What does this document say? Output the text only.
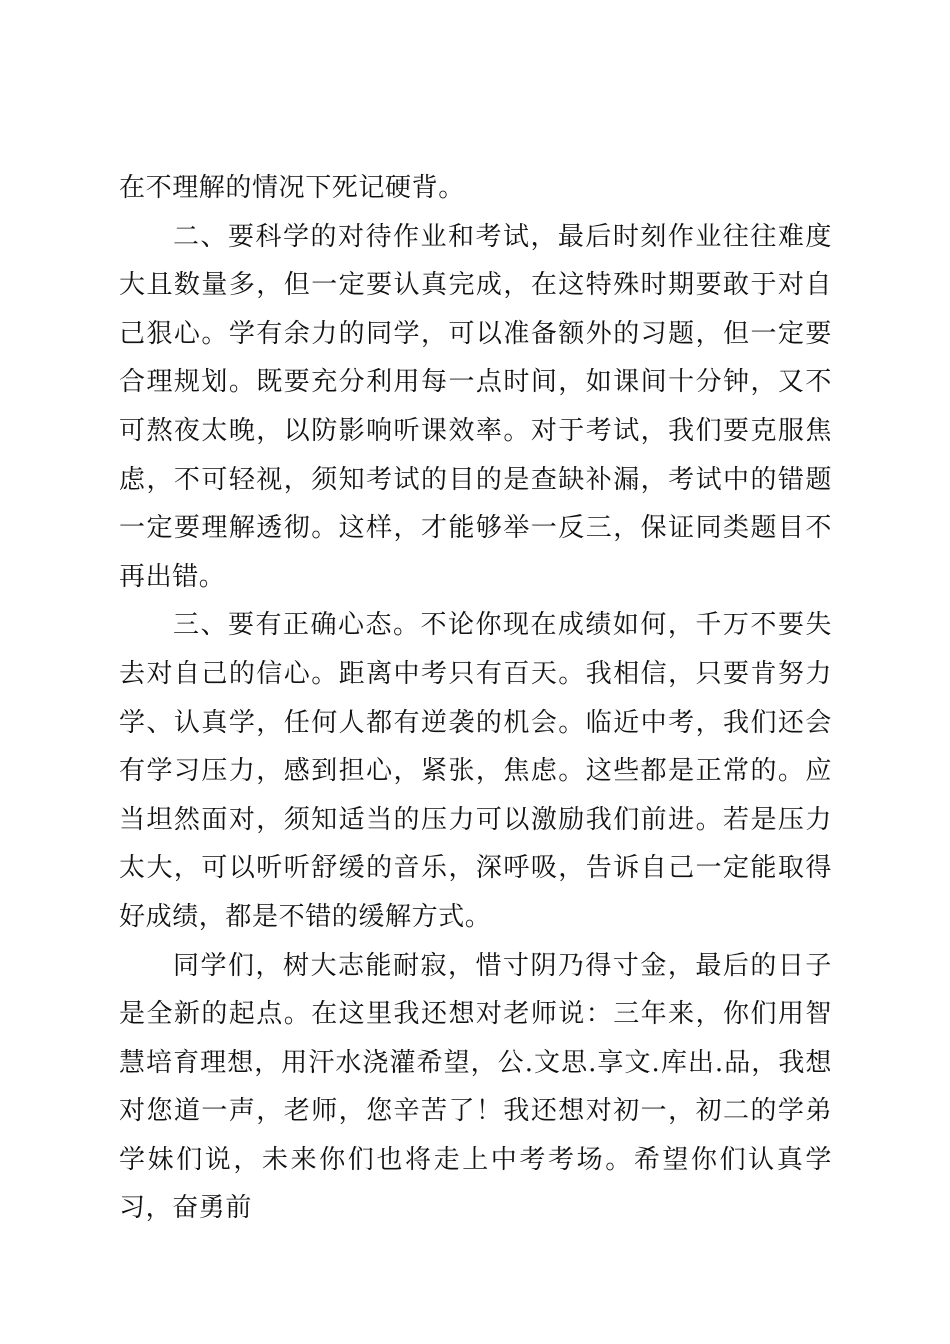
在不理解的情况下死记硬背。

二、要科学的对待作业和考试，最后时刻作业往往难度大且数量多，但一定要认真完成，在这特殊时期要敢于对自己狠心。学有余力的同学，可以准备额外的习题，但一定要合理规划。既要充分利用每一点时间，如课间十分钟，又不可熬夜太晚，以防影响听课效率。对于考试，我们要克服焦虑，不可轻视，须知考试的目的是查缺补漏，考试中的错题一定要理解透彻。这样，才能够举一反三，保证同类题目不再出错。

三、要有正确心态。不论你现在成绩如何，千万不要失去对自己的信心。距离中考只有百天。我相信，只要肯努力学、认真学，任何人都有逆袭的机会。临近中考，我们还会有学习压力，感到担心，紧张，焦虑。这些都是正常的。应当坦然面对，须知适当的压力可以激励我们前进。若是压力太大，可以听听舒缓的音乐，深呼吸，告诉自己一定能取得好成绩，都是不错的缓解方式。

同学们，树大志能耐寂，惜寸阴乃得寸金，最后的日子是全新的起点。在这里我还想对老师说：三年来，你们用智慧培育理想，用汗水浇灌希望，公.文思.享文.库出.品，我想对您道一声，老师，您辛苦了！我还想对初一，初二的学弟学妹们说，未来你们也将走上中考考场。希望你们认真学习，奋勇前
